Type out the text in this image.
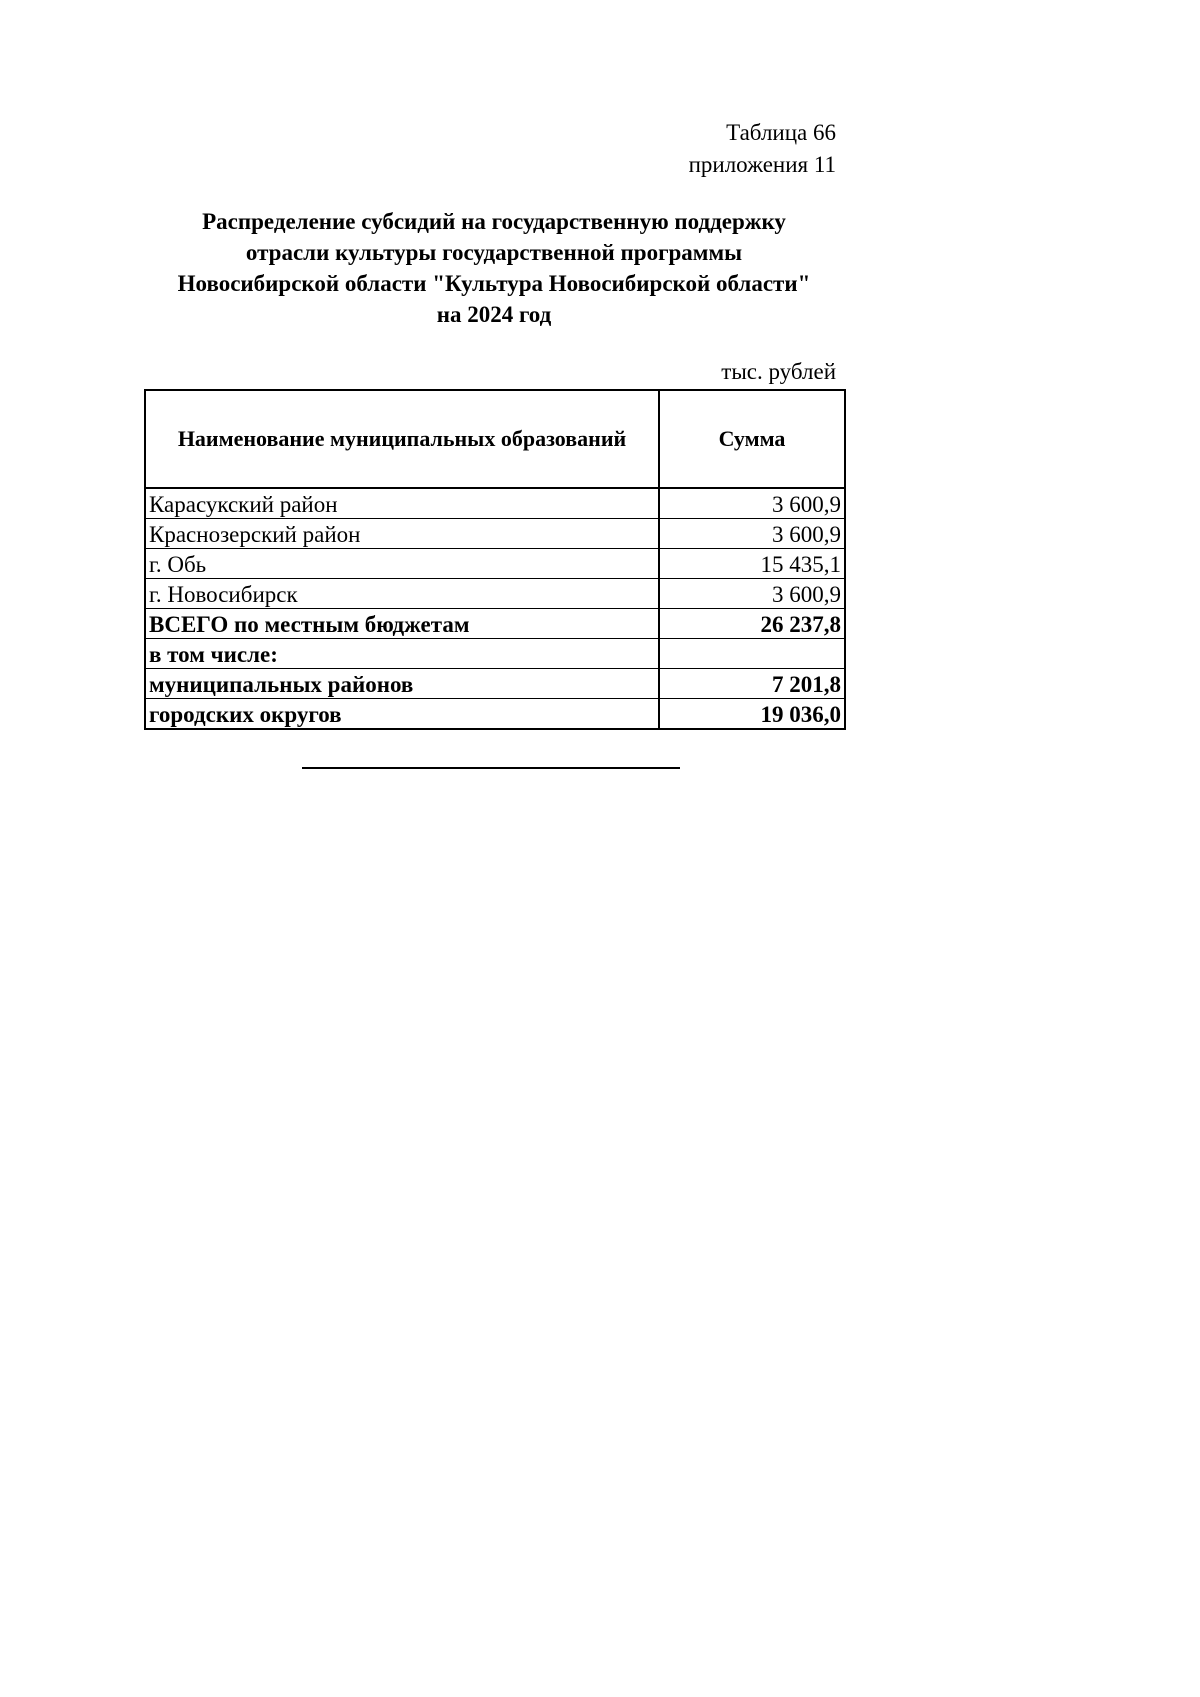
Таблица 66
приложения 11
Распределение субсидий на государственную поддержку
отрасли культуры государственной программы
Новосибирской области "Культура Новосибирской области"
на 2024 год
тыс. рублей
Наименование муниципальных образований	Сумма
Карасукский район	3 600,9
Краснозерский район	3 600,9
г. Обь	15 435,1
г. Новосибирск	3 600,9
ВСЕГО по местным бюджетам	26 237,8
в том числе:	
муниципальных районов	7 201,8
городских округов	19 036,0
